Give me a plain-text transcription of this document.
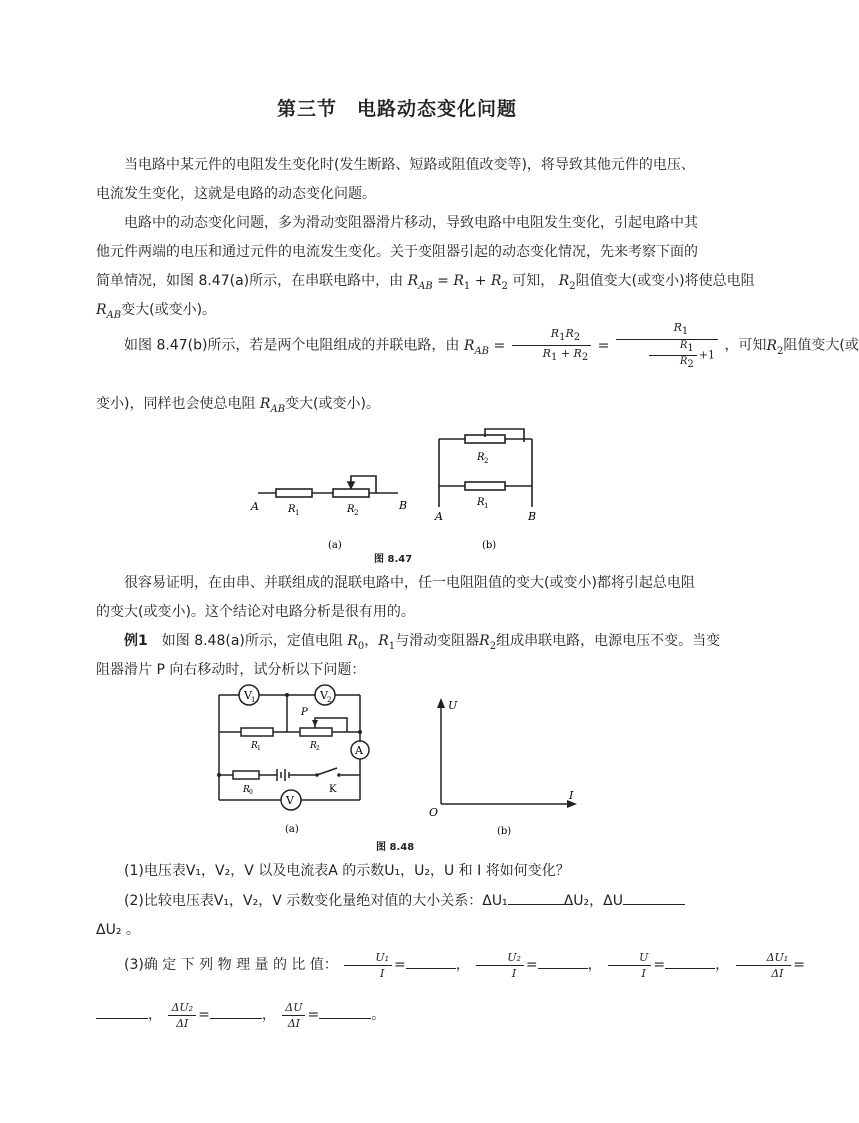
第三节　电路动态变化问题
当电路中某元件的电阻发生变化时(发生断路、短路或阻值改变等)，将导致其他元件的电压、电流发生变化，这就是电路的动态变化问题。
电路中的动态变化问题，多为滑动变阻器滑片移动，导致电路中电阻发生变化，引起电路中其
他元件两端的电压和通过元件的电流发生变化。关于变阻器引起的动态变化情况，先来考察下面的
简单情况，如图 8.47(a)所示，在串联电路中，由 $R_{AB} = R_1 + R_2$ 可知， $R_2$阻值变大(或变小)将使总电阻
$R_{AB}$变大(或变小)。
如图 8.47(b)所示，若是两个电阻组成的并联电路，由 $R_{AB} = \frac{R_1R_2}{R_1 + R_2} = \frac{R_1}{\frac{R_1}{R_2} +1}$ ，可知$R_2$阻值变大(或
变小)，同样也会使总电阻 $R_{AB}$变大(或变小)。
A	B
R 1	R 2
(a)
A	B
R 2
R 1
(b)
图 8.47
很容易证明，在由串、并联组成的混联电路中，任一电阻阻值的变大(或变小)都将引起总电阻的变大(或变小)。这个结论对电路分析是很有用的。
例1　如图 8.48(a)所示，定值电阻 $R_0$，$R_1$与滑动变阻器$R_2$组成串联电路，电源电压不变。当变
阻器滑片 P 向右移动时，试分析以下问题：
V 1	V 2
A
V
P
R 1	R 2
R 0	K
(a)
U
I
O
(b)
图 8.48
(1)电压表V₁，V₂，V 以及电流表A 的示数U₁，U₂，U 和 I 将如何变化？
(2)比较电压表V₁，V₂，V 示数变化量绝对值的大小关系：ΔU₁	ΔU₂，ΔU
ΔU₂ 。
(3)确 定 下 列 物 理 量 的 比 值： $\frac{\text{U₁}}{I}$ =	， $\frac{\text{U₂}}{I}$ =	， $\frac{U}{I}$ =	， $\frac{\text{ΔU₁}}{\Delta I}$ =
， $\frac{\text{ΔU₂}}{\Delta I}$ =	， $\frac{\Delta U}{\Delta I}$ =	。
